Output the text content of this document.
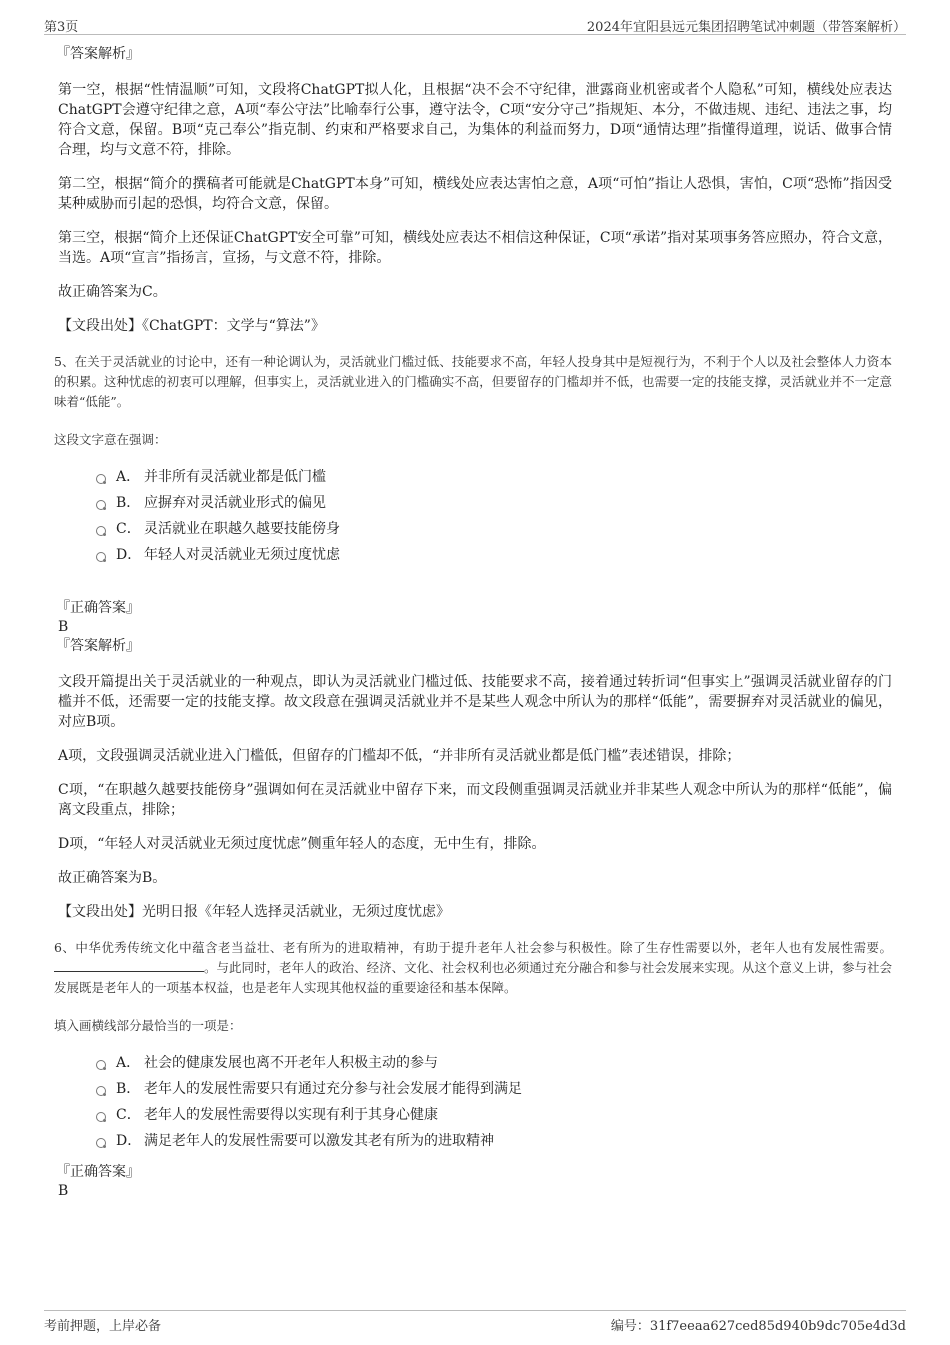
第3页	2024年宜阳县远元集团招聘笔试冲刺题（带答案解析）

『答案解析』

第一空，根据“性情温顺”可知，文段将ChatGPT拟人化，且根据“决不会不守纪律，泄露商业机密或者个人隐私”可知，横线处应表达ChatGPT会遵守纪律之意，A项“奉公守法”比喻奉行公事，遵守法令，C项“安分守己”指规矩、本分，不做违规、违纪、违法之事，均符合文意，保留。B项“克己奉公”指克制、约束和严格要求自己，为集体的利益而努力，D项“通情达理”指懂得道理，说话、做事合情合理，均与文意不符，排除。

第二空，根据“简介的撰稿者可能就是ChatGPT本身”可知，横线处应表达害怕之意，A项“可怕”指让人恐惧，害怕，C项“恐怖”指因受某种威胁而引起的恐惧，均符合文意，保留。

第三空，根据“简介上还保证ChatGPT安全可靠”可知，横线处应表达不相信这种保证，C项“承诺”指对某项事务答应照办，符合文意，当选。A项“宣言”指扬言，宣扬，与文意不符，排除。

故正确答案为C。

【文段出处】《ChatGPT：文学与“算法”》

5、在关于灵活就业的讨论中，还有一种论调认为，灵活就业门槛过低、技能要求不高，年轻人投身其中是短视行为，不利于个人以及社会整体人力资本的积累。这种忧虑的初衷可以理解，但事实上，灵活就业进入的门槛确实不高，但要留存的门槛却并不低，也需要一定的技能支撑，灵活就业并不一定意味着“低能”。

这段文字意在强调：

A． 并非所有灵活就业都是低门槛
B． 应摒弃对灵活就业形式的偏见
C． 灵活就业在职越久越要技能傍身
D． 年轻人对灵活就业无须过度忧虑

『正确答案』

B

『答案解析』

文段开篇提出关于灵活就业的一种观点，即认为灵活就业门槛过低、技能要求不高，接着通过转折词“但事实上”强调灵活就业留存的门槛并不低，还需要一定的技能支撑。故文段意在强调灵活就业并不是某些人观念中所认为的那样“低能”，需要摒弃对灵活就业的偏见，对应B项。

A项，文段强调灵活就业进入门槛低，但留存的门槛却不低，“并非所有灵活就业都是低门槛”表述错误，排除；

C项，“在职越久越要技能傍身”强调如何在灵活就业中留存下来，而文段侧重强调灵活就业并非某些人观念中所认为的那样“低能”，偏离文段重点，排除；

D项，“年轻人对灵活就业无须过度忧虑”侧重年轻人的态度，无中生有，排除。

故正确答案为B。

【文段出处】光明日报《年轻人选择灵活就业，无须过度忧虑》

6、中华优秀传统文化中蕴含老当益壮、老有所为的进取精神，有助于提升老年人社会参与积极性。除了生存性需要以外，老年人也有发展性需要。 。与此同时，老年人的政治、经济、文化、社会权利也必须通过充分融合和参与社会发展来实现。从这个意义上讲，参与社会发展既是老年人的一项基本权益，也是老年人实现其他权益的重要途径和基本保障。

填入画横线部分最恰当的一项是：

A． 社会的健康发展也离不开老年人积极主动的参与
B． 老年人的发展性需要只有通过充分参与社会发展才能得到满足
C． 老年人的发展性需要得以实现有利于其身心健康
D． 满足老年人的发展性需要可以激发其老有所为的进取精神

『正确答案』

B

考前押题，上岸必备	编号：31f7eeaa627ced85d940b9dc705e4d3d
